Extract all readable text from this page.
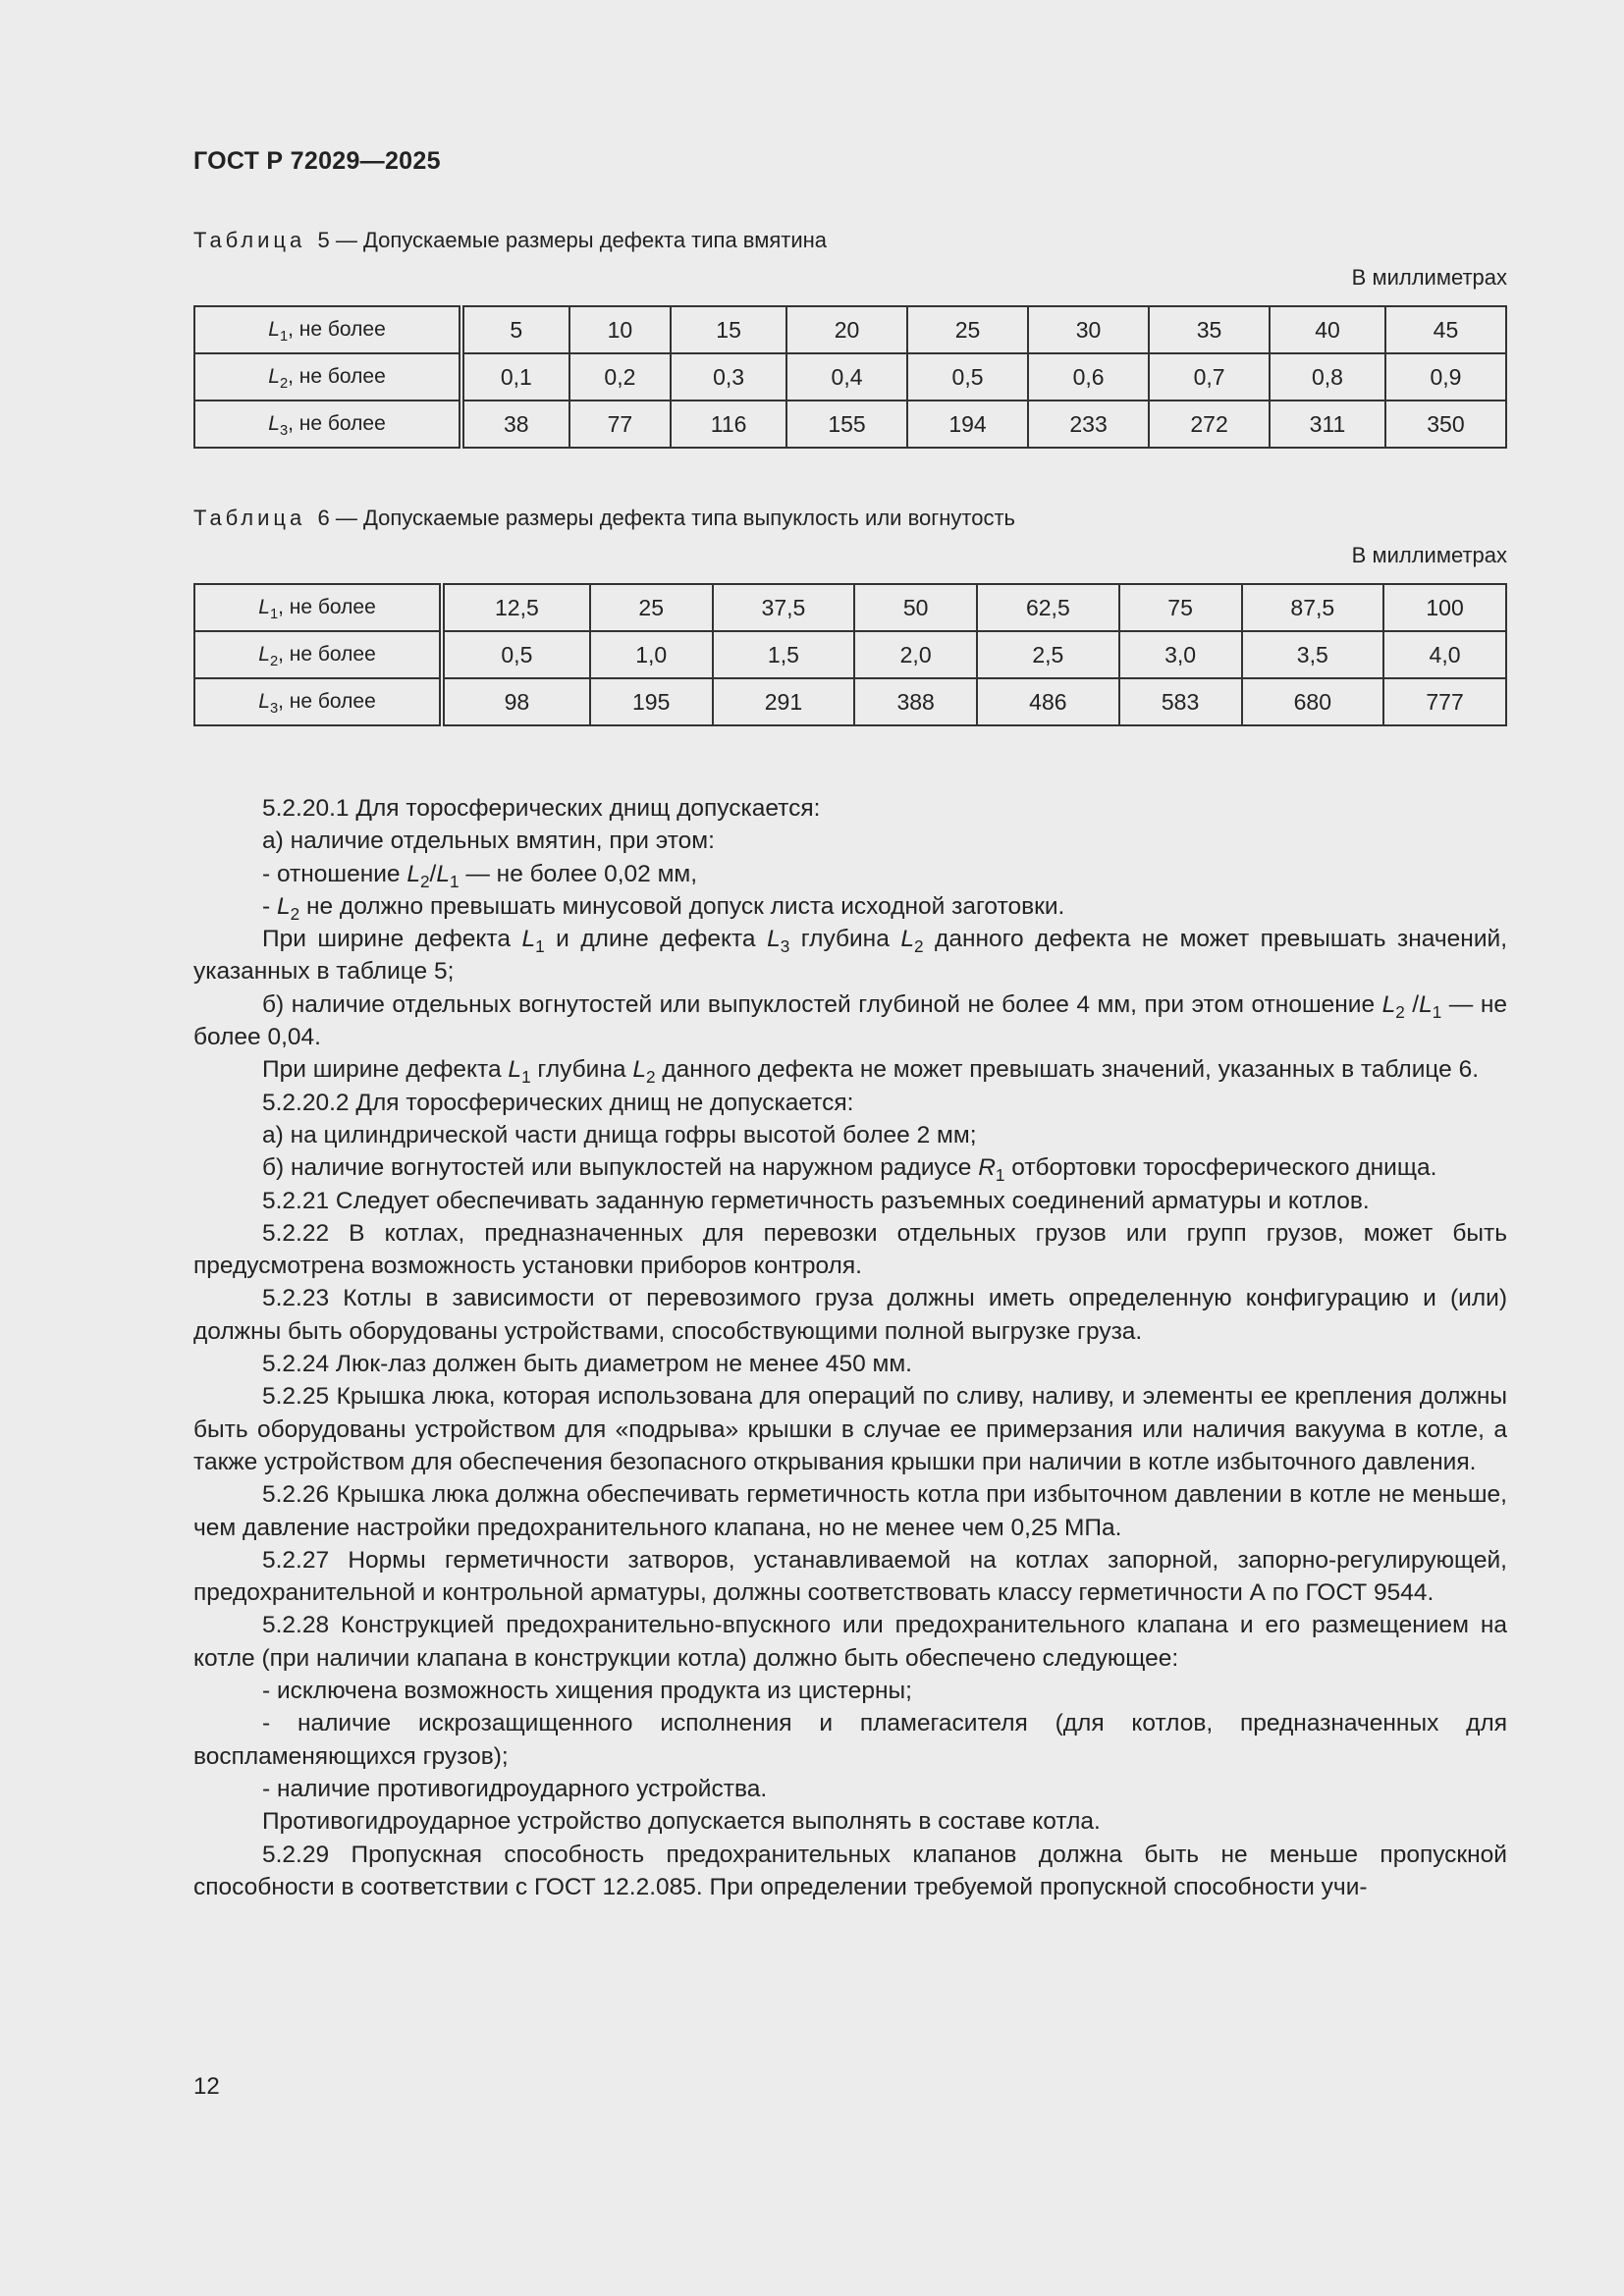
ГОСТ Р 72029—2025
Таблица 5 — Допускаемые размеры дефекта типа вмятина
В миллиметрах
$L_1$, не более	5	10	15	20	25	30	35	40	45
$L_2$, не более	0,1	0,2	0,3	0,4	0,5	0,6	0,7	0,8	0,9
$L_3$, не более	38	77	116	155	194	233	272	311	350
Таблица 6 — Допускаемые размеры дефекта типа выпуклость или вогнутость
В миллиметрах
$L_1$, не более	12,5	25	37,5	50	62,5	75	87,5	100
$L_2$, не более	0,5	1,0	1,5	2,0	2,5	3,0	3,5	4,0
$L_3$, не более	98	195	291	388	486	583	680	777

5.2.20.1 Для торосферических днищ допускается:

а) наличие отдельных вмятин, при этом:

- отношение $L_2/L_1$ — не более 0,02 мм,

- $L_2$ не должно превышать минусовой допуск листа исходной заготовки.

При ширине дефекта $L_1$ и длине дефекта $L_3$ глубина $L_2$ данного дефекта не может превышать значений, указанных в таблице 5;

б) наличие отдельных вогнутостей или выпуклостей глубиной не более 4 мм, при этом отношение $L_2$ $/L_1$ — не более 0,04.

При ширине дефекта $L_1$ глубина $L_2$ данного дефекта не может превышать значений, указанных в таблице 6.

5.2.20.2 Для торосферических днищ не допускается:

а) на цилиндрической части днища гофры высотой более 2 мм;

б) наличие вогнутостей или выпуклостей на наружном радиусе $R_1$ отбортовки торосферического днища.

5.2.21 Следует обеспечивать заданную герметичность разъемных соединений арматуры и котлов.

5.2.22 В котлах, предназначенных для перевозки отдельных грузов или групп грузов, может быть предусмотрена возможность установки приборов контроля.

5.2.23 Котлы в зависимости от перевозимого груза должны иметь определенную конфигурацию и (или) должны быть оборудованы устройствами, способствующими полной выгрузке груза.

5.2.24 Люк-лаз должен быть диаметром не менее 450 мм.

5.2.25 Крышка люка, которая использована для операций по сливу, наливу, и элементы ее крепления должны быть оборудованы устройством для «подрыва» крышки в случае ее примерзания или наличия вакуума в котле, а также устройством для обеспечения безопасного открывания крышки при наличии в котле избыточного давления.

5.2.26 Крышка люка должна обеспечивать герметичность котла при избыточном давлении в котле не меньше, чем давление настройки предохранительного клапана, но не менее чем 0,25 МПа.

5.2.27 Нормы герметичности затворов, устанавливаемой на котлах запорной, запорно-регулирующей, предохранительной и контрольной арматуры, должны соответствовать классу герметичности А по ГОСТ 9544.

5.2.28 Конструкцией предохранительно-впускного или предохранительного клапана и его размещением на котле (при наличии клапана в конструкции котла) должно быть обеспечено следующее:

- исключена возможность хищения продукта из цистерны;

- наличие искрозащищенного исполнения и пламегасителя (для котлов, предназначенных для воспламеняющихся грузов);

- наличие противогидроударного устройства.

Противогидроударное устройство допускается выполнять в составе котла.

5.2.29 Пропускная способность предохранительных клапанов должна быть не меньше пропускной способности в соответствии с ГОСТ 12.2.085. При определении требуемой пропускной способности учи-

12
